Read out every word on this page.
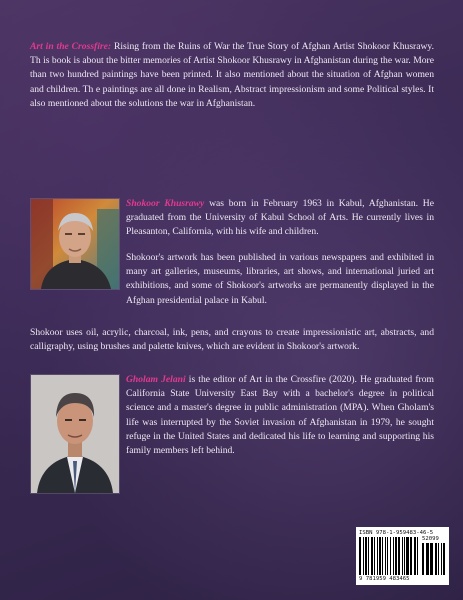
Art in the Crossfire: Rising from the Ruins of War the True Story of Afghan Artist Shokoor Khusrawy. Th is book is about the bitter memories of Artist Shokoor Khusrawy in Afghanistan during the war. More than two hundred paintings have been printed. It also mentioned about the situation of Afghan women and children. Th e paintings are all done in Realism, Abstract impressionism and some Political styles. It also mentioned about the solutions the war in Afghanistan.
Shokoor Khusrawy was born in February 1963 in Kabul, Afghanistan. He graduated from the University of Kabul School of Arts. He currently lives in Pleasanton, California, with his wife and children.
Shokoor's artwork has been published in various newspapers and exhibited in many art galleries, museums, libraries, art shows, and international juried art exhibitions, and some of Shokoor's artworks are permanently displayed in the Afghan presidential palace in Kabul.
Shokoor uses oil, acrylic, charcoal, ink, pens, and crayons to create impressionistic art, abstracts, and calligraphy, using brushes and palette knives, which are evident in Shokoor's artwork.
Gholam Jelani is the editor of Art in the Crossfire (2020). He graduated from California State University East Bay with a bachelor's degree in political science and a master's degree in public administration (MPA). When Gholam's life was interrupted by the Soviet invasion of Afghanistan in 1979, he sought refuge in the United States and dedicated his life to learning and supporting his family members left behind.
ISBN 978-1-959483-46-5
52099
9 781959 483465
